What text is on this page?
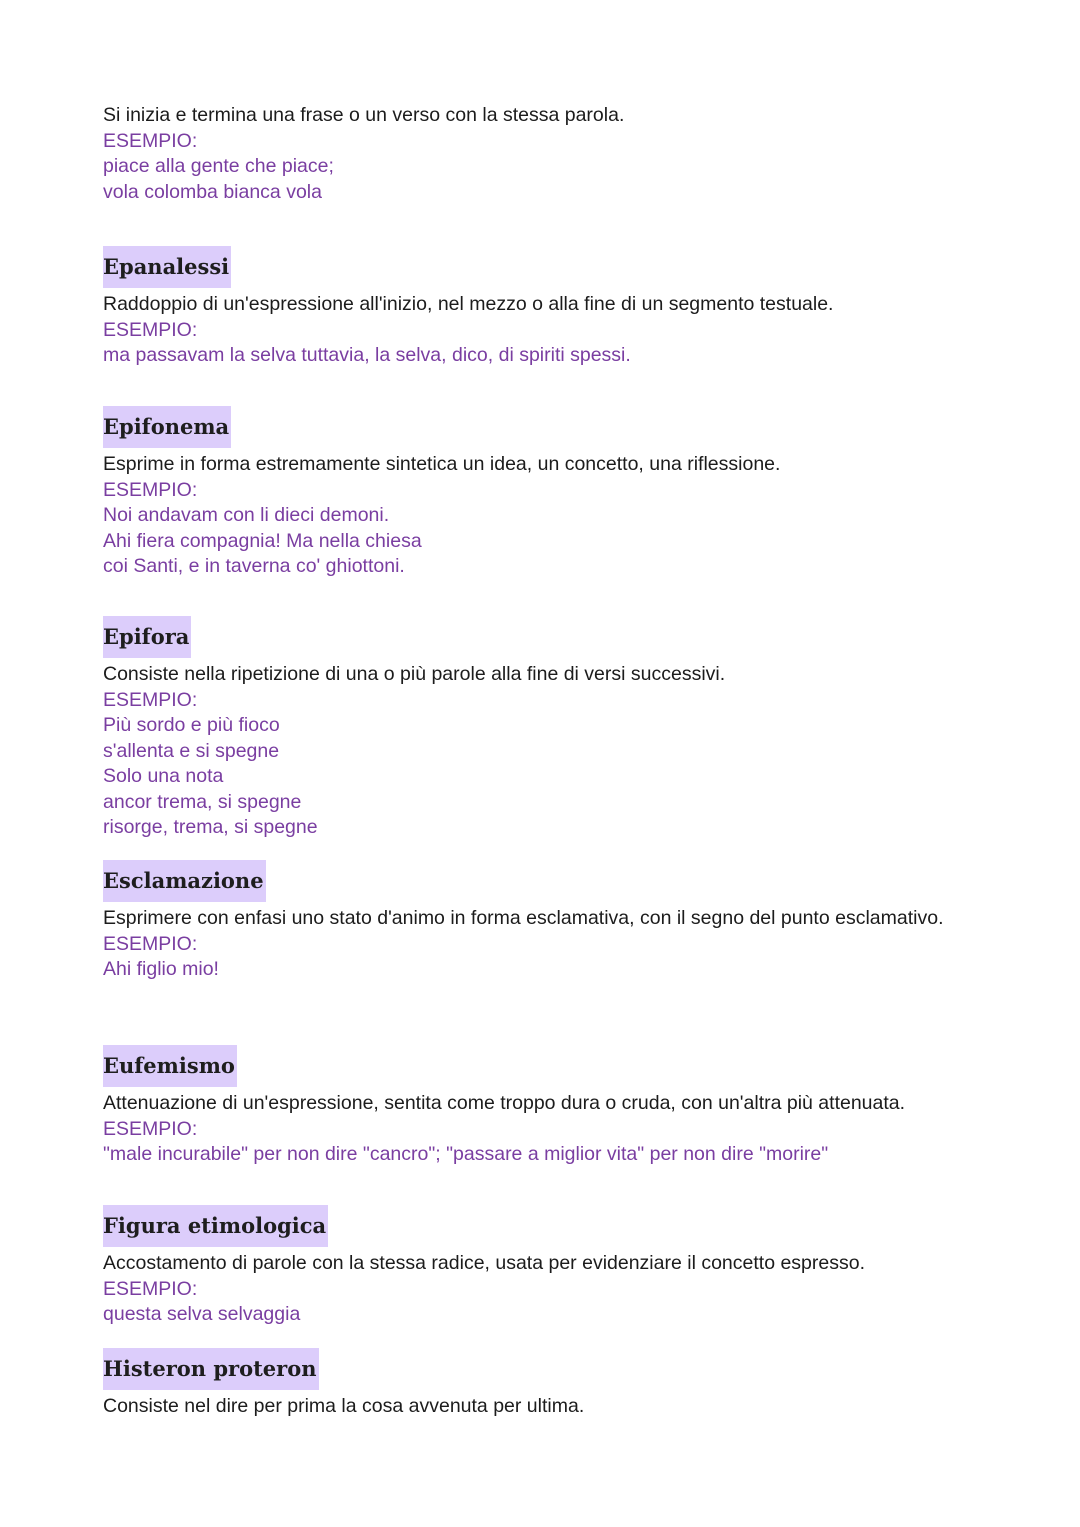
Si inizia e termina una frase o un verso con la stessa parola.

ESEMPIO:

piace alla gente che piace;

vola colomba bianca vola

Epanalessi

Raddoppio di un'espressione all'inizio, nel mezzo o alla fine di un segmento testuale.

ESEMPIO:

ma passavam la selva tuttavia, la selva, dico, di spiriti spessi.

Epifonema

Esprime in forma estremamente sintetica un idea, un concetto, una riflessione.

ESEMPIO:

Noi andavam con li dieci demoni.

Ahi fiera compagnia! Ma nella chiesa

coi Santi, e in taverna co' ghiottoni.

Epifora

Consiste nella ripetizione di una o più parole alla fine di versi successivi.

ESEMPIO:

Più sordo e più fioco

s'allenta e si spegne

Solo una nota

ancor trema, si spegne

risorge, trema, si spegne

Esclamazione

Esprimere con enfasi uno stato d'animo in forma esclamativa, con il segno del punto esclamativo.

ESEMPIO:

Ahi figlio mio!

Eufemismo

Attenuazione di un'espressione, sentita come troppo dura o cruda, con un'altra più attenuata.

ESEMPIO:

"male incurabile" per non dire "cancro"; "passare a miglior vita" per non dire "morire"

Figura etimologica

Accostamento di parole con la stessa radice, usata per evidenziare il concetto espresso.

ESEMPIO:

questa selva selvaggia

Histeron proteron

Consiste nel dire per prima la cosa avvenuta per ultima.
